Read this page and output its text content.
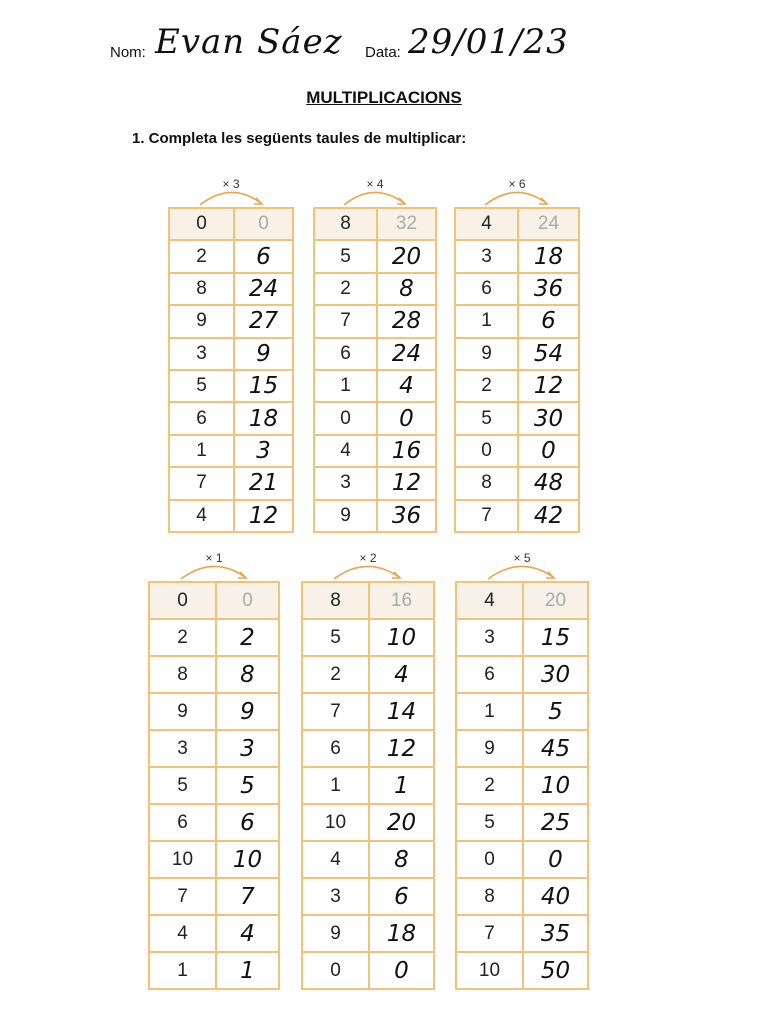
Nom: Evan Sáez Data: 29/01/23
MULTIPLICACIONS
1. Completa les següents taules de multiplicar:
× 3
0	0
2	6
8	24
9	27
3	9
5	15
6	18
1	3
7	21
4	12
× 4
8	32
5	20
2	8
7	28
6	24
1	4
0	0
4	16
3	12
9	36
× 6
4	24
3	18
6	36
1	6
9	54
2	12
5	30
0	0
8	48
7	42
× 1
0	0
2	2
8	8
9	9
3	3
5	5
6	6
10	10
7	7
4	4
1	1
× 2
8	16
5	10
2	4
7	14
6	12
1	1
10	20
4	8
3	6
9	18
0	0
× 5
4	20
3	15
6	30
1	5
9	45
2	10
5	25
0	0
8	40
7	35
10	50
